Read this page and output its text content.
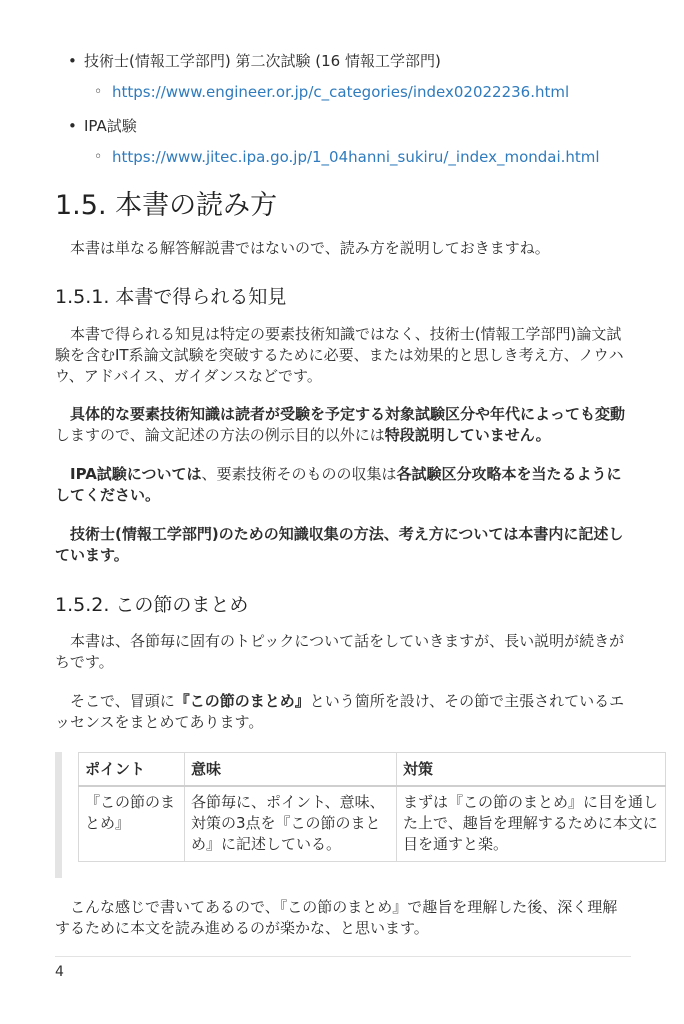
• 技術士(情報工学部門) 第二次試験 (16 情報工学部門)
◦ https://www.engineer.or.jp/c_categories/index02022236.html
• IPA試験
◦ https://www.jitec.ipa.go.jp/1_04hanni_sukiru/_index_mondai.html
1.5. 本書の読み方

本書は単なる解答解説書ではないので、読み方を説明しておきますね。

1.5.1. 本書で得られる知見

本書で得られる知見は特定の要素技術知識ではなく、技術士(情報工学部門)論文試験を含むIT系論文試験を突破するために必要、または効果的と思しき考え方、ノウハウ、アドバイス、ガイダンスなどです。

具体的な要素技術知識は読者が受験を予定する対象試験区分や年代によっても変動しますので、論文記述の方法の例示目的以外には特段説明していません。

IPA試験については、要素技術そのものの収集は各試験区分攻略本を当たるようにしてください。

技術士(情報工学部門)のための知識収集の方法、考え方については本書内に記述しています。

1.5.2. この節のまとめ

本書は、各節毎に固有のトピックについて話をしていきますが、長い説明が続きがちです。

そこで、冒頭に『この節のまとめ』という箇所を設け、その節で主張されているエッセンスをまとめてあります。

ポイント	意味	対策
『この節のまとめ』	各節毎に、ポイント、意味、対策の3点を『この節のまとめ』に記述している。	まずは『この節のまとめ』に目を通した上で、趣旨を理解するために本文に目を通すと楽。

こんな感じで書いてあるので、『この節のまとめ』で趣旨を理解した後、深く理解するために本文を読み進めるのが楽かな、と思います。

4
